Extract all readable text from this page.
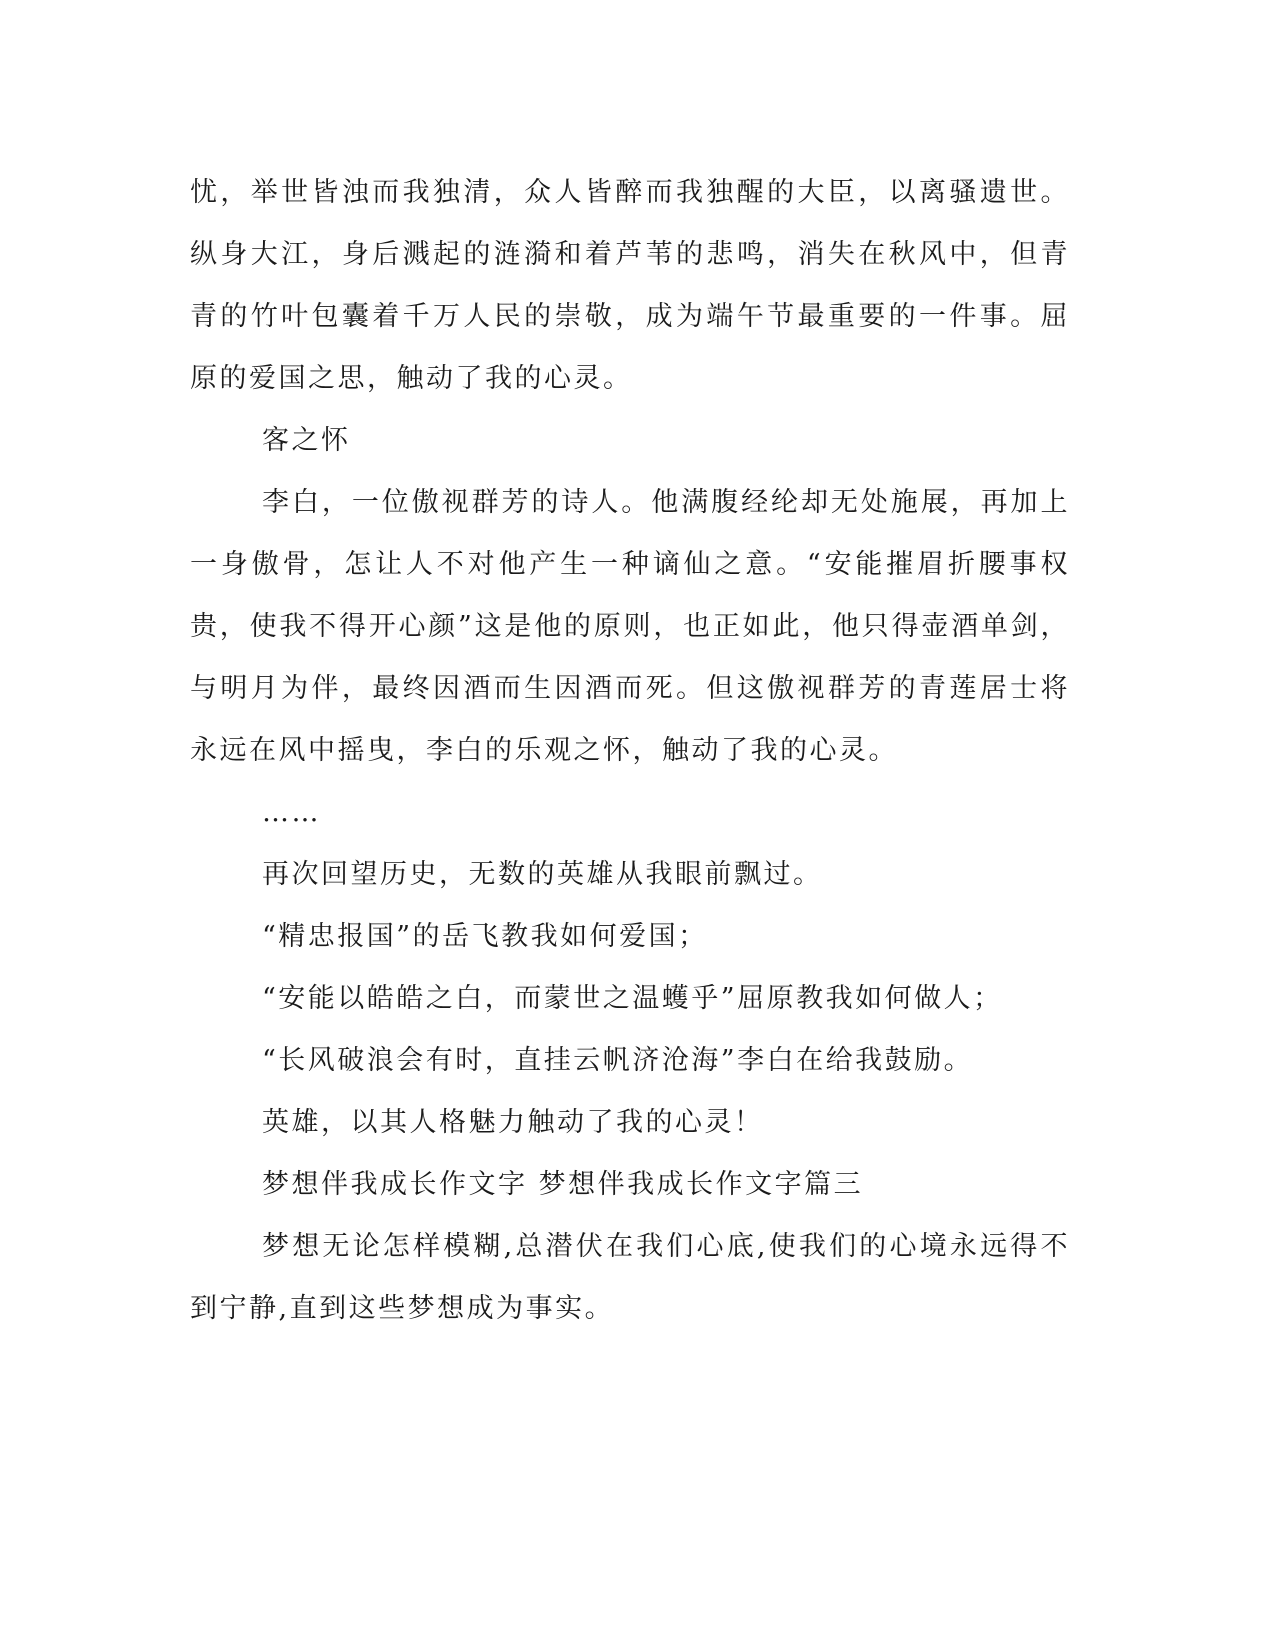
忧，举世皆浊而我独清，众人皆醉而我独醒的大臣，以离骚遗世。纵身大江，身后溅起的涟漪和着芦苇的悲鸣，消失在秋风中，但青青的竹叶包囊着千万人民的崇敬，成为端午节最重要的一件事。屈原的爱国之思，触动了我的心灵。

客之怀

李白，一位傲视群芳的诗人。他满腹经纶却无处施展，再加上一身傲骨，怎让人不对他产生一种谪仙之意。“安能摧眉折腰事权贵，使我不得开心颜”这是他的原则，也正如此，他只得壶酒单剑，与明月为伴，最终因酒而生因酒而死。但这傲视群芳的青莲居士将永远在风中摇曳，李白的乐观之怀，触动了我的心灵。

……

再次回望历史，无数的英雄从我眼前飘过。

“精忠报国”的岳飞教我如何爱国；

“安能以皓皓之白，而蒙世之温蠖乎”屈原教我如何做人；

“长风破浪会有时，直挂云帆济沧海”李白在给我鼓励。

英雄，以其人格魅力触动了我的心灵！

梦想伴我成长作文字 梦想伴我成长作文字篇三

梦想无论怎样模糊,总潜伏在我们心底,使我们的心境永远得不到宁静,直到这些梦想成为事实。
